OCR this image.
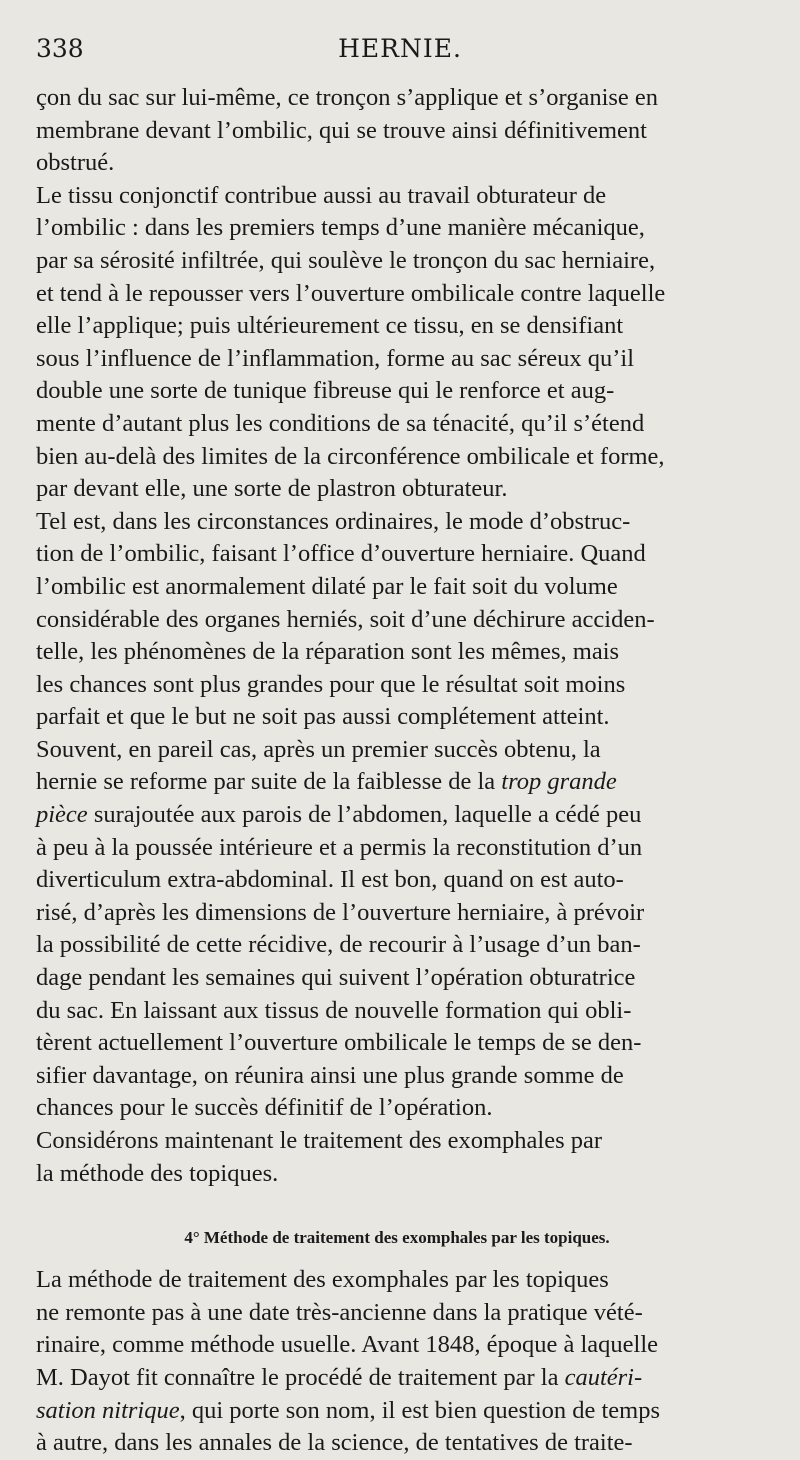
338	HERNIE.
çon du sac sur lui-même, ce tronçon s’applique et s’organise en
membrane devant l’ombilic, qui se trouve ainsi définitivement
obstrué.
Le tissu conjonctif contribue aussi au travail obturateur de
l’ombilic : dans les premiers temps d’une manière mécanique,
par sa sérosité infiltrée, qui soulève le tronçon du sac herniaire,
et tend à le repousser vers l’ouverture ombilicale contre laquelle
elle l’applique; puis ultérieurement ce tissu, en se densifiant
sous l’influence de l’inflammation, forme au sac séreux qu’il
double une sorte de tunique fibreuse qui le renforce et aug-
mente d’autant plus les conditions de sa ténacité, qu’il s’étend
bien au-delà des limites de la circonférence ombilicale et forme,
par devant elle, une sorte de plastron obturateur.
Tel est, dans les circonstances ordinaires, le mode d’obstruc-
tion de l’ombilic, faisant l’office d’ouverture herniaire. Quand
l’ombilic est anormalement dilaté par le fait soit du volume
considérable des organes herniés, soit d’une déchirure acciden-
telle, les phénomènes de la réparation sont les mêmes, mais
les chances sont plus grandes pour que le résultat soit moins
parfait et que le but ne soit pas aussi complétement atteint.
Souvent, en pareil cas, après un premier succès obtenu, la
hernie se reforme par suite de la faiblesse de la trop grande
pièce surajoutée aux parois de l’abdomen, laquelle a cédé peu
à peu à la poussée intérieure et a permis la reconstitution d’un
diverticulum extra-abdominal. Il est bon, quand on est auto-
risé, d’après les dimensions de l’ouverture herniaire, à prévoir
la possibilité de cette récidive, de recourir à l’usage d’un ban-
dage pendant les semaines qui suivent l’opération obturatrice
du sac. En laissant aux tissus de nouvelle formation qui obli-
tèrent actuellement l’ouverture ombilicale le temps de se den-
sifier davantage, on réunira ainsi une plus grande somme de
chances pour le succès définitif de l’opération.
Considérons maintenant le traitement des exomphales par
la méthode des topiques.
4° Méthode de traitement des exomphales par les topiques.
La méthode de traitement des exomphales par les topiques
ne remonte pas à une date très-ancienne dans la pratique vété-
rinaire, comme méthode usuelle. Avant 1848, époque à laquelle
M. Dayot fit connaître le procédé de traitement par la cautéri-
sation nitrique, qui porte son nom, il est bien question de temps
à autre, dans les annales de la science, de tentatives de traite-
